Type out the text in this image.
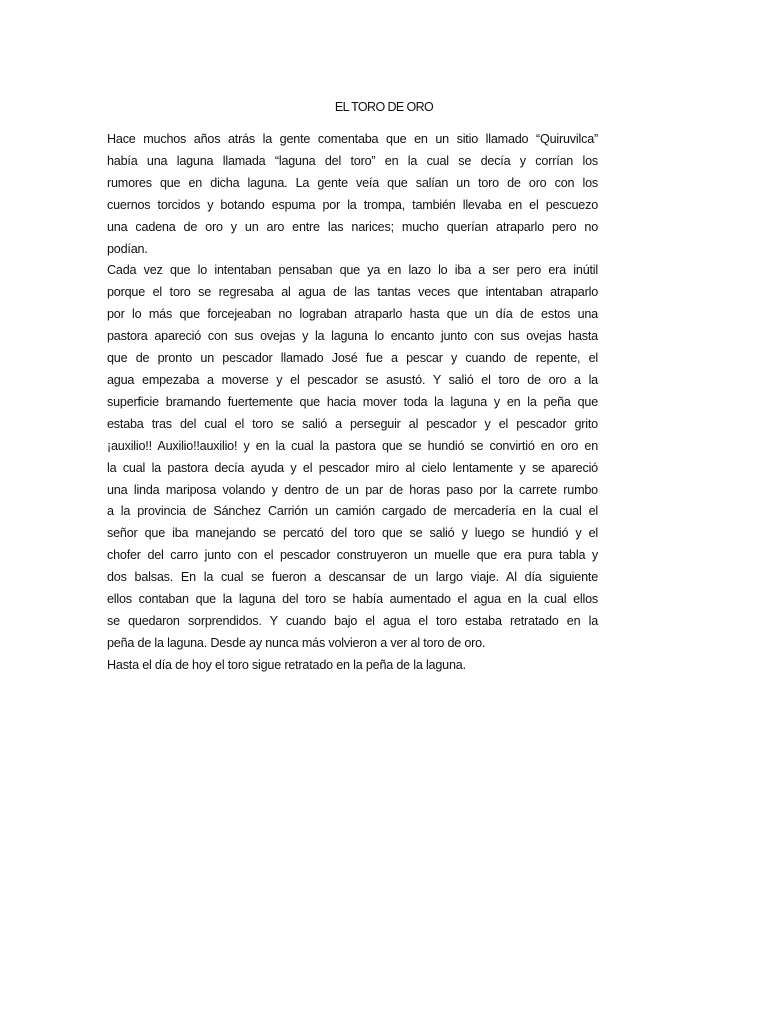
EL TORO DE ORO

Hace muchos años atrás la gente comentaba que en un sitio llamado “Quiruvilca”
había una laguna llamada “laguna del toro” en la cual se decía y corrían los
rumores que en dicha laguna. La gente veía que salían un toro de oro con los
cuernos torcidos y botando espuma por la trompa, también llevaba en el pescuezo
una cadena de oro y un aro entre las narices; mucho querían atraparlo pero no
podían.

Cada vez que lo intentaban pensaban que ya en lazo lo iba a ser pero era inútil
porque el toro se regresaba al agua de las tantas veces que intentaban atraparlo
por lo más que forcejeaban no lograban atraparlo hasta que un día de estos una
pastora apareció con sus ovejas y la laguna lo encanto junto con sus ovejas hasta
que de pronto un pescador llamado José fue a pescar y cuando de repente, el
agua empezaba a moverse y el pescador se asustó. Y salió el toro de oro a la
superficie bramando fuertemente que hacia mover toda la laguna y en la peña que
estaba tras del cual el toro se salió a perseguir al pescador y el pescador grito
¡auxilio!! Auxilio!!auxilio! y en la cual la pastora que se hundió se convirtió en oro en
la cual la pastora decía ayuda y el pescador miro al cielo lentamente y se apareció
una linda mariposa volando y dentro de un par de horas paso por la carrete rumbo
a la provincia de Sánchez Carrión un camión cargado de mercadería en la cual el
señor que iba manejando se percató del toro que se salió y luego se hundió y el
chofer del carro junto con el pescador construyeron un muelle que era pura tabla y
dos balsas. En la cual se fueron a descansar de un largo viaje. Al día siguiente
ellos contaban que la laguna del toro se había aumentado el agua en la cual ellos
se quedaron sorprendidos. Y cuando bajo el agua el toro estaba retratado en la
peña de la laguna. Desde ay nunca más volvieron a ver al toro de oro.

Hasta el día de hoy el toro sigue retratado en la peña de la laguna.
